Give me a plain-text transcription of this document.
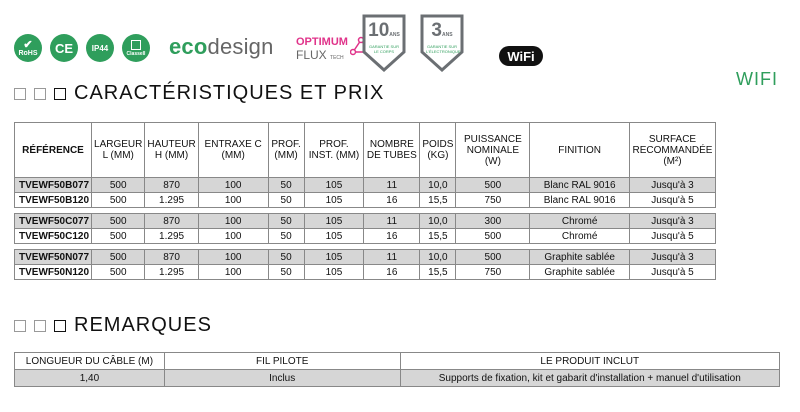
✔
RoHS CE IP44
ClasseII ecodesign OPTIMUM
FLUX TECH
10ANS
GARANTIE SUR LE CORPS
3ANS
GARANTIE SUR L'ÉLECTRONIQUE	WiFi
WIFI
CARACTÉRISTIQUES ET PRIX
RÉFÉRENCE	LARGEUR L (MM)	HAUTEUR H (MM)	ENTRAXE C (MM)	PROF. (MM)	PROF. INST. (MM)	NOMBRE DE TUBES	POIDS (KG)	PUISSANCE NOMINALE (W)	FINITION	SURFACE RECOMMANDÉE (M²)
TVEWF50B077	500	870	100	50	105	11	10,0	500	Blanc RAL 9016	Jusqu'à 3
TVEWF50B120	500	1.295	100	50	105	16	15,5	750	Blanc RAL 9016	Jusqu'à 5

TVEWF50C077	500	870	100	50	105	11	10,0	300	Chromé	Jusqu'à 3
TVEWF50C120	500	1.295	100	50	105	16	15,5	500	Chromé	Jusqu'à 5

TVEWF50N077	500	870	100	50	105	11	10,0	500	Graphite sablée	Jusqu'à 3
TVEWF50N120	500	1.295	100	50	105	16	15,5	750	Graphite sablée	Jusqu'à 5
REMARQUES
LONGUEUR DU CÂBLE (M)	FIL PILOTE	LE PRODUIT INCLUT
1,40	Inclus	Supports de fixation, kit et gabarit d'installation + manuel d'utilisation
